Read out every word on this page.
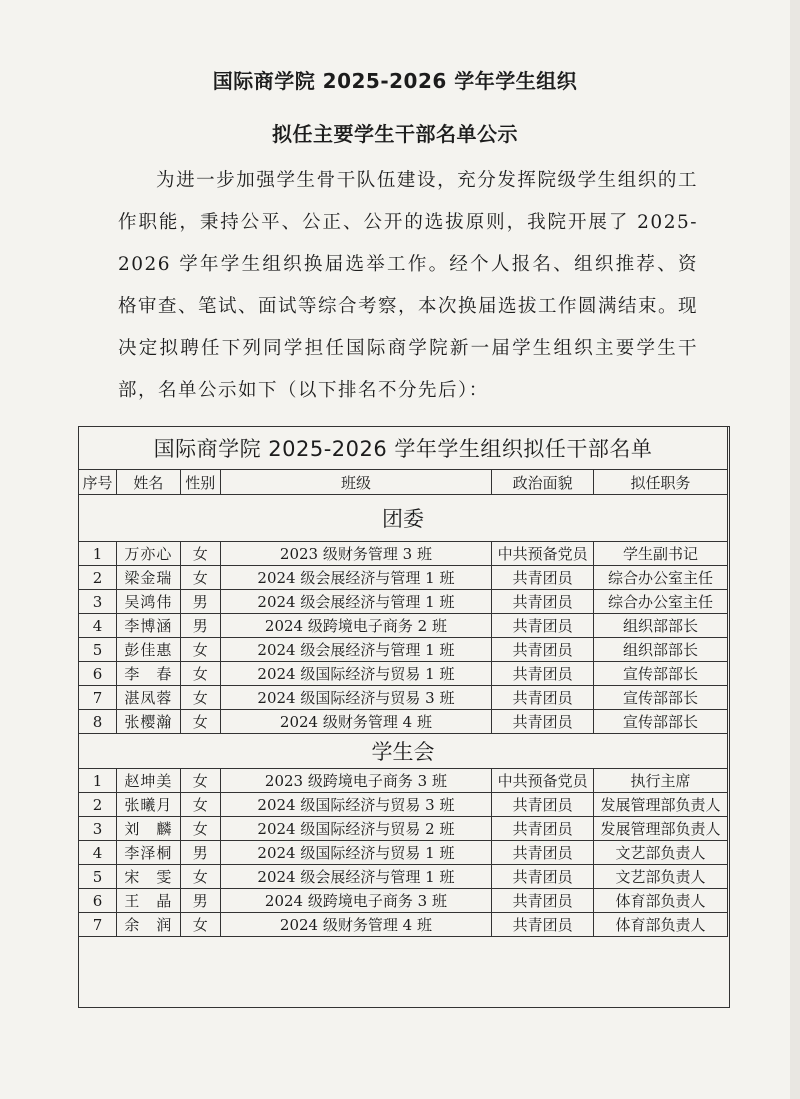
国际商学院 2025-2026 学年学生组织
拟任主要学生干部名单公示

为进一步加强学生骨干队伍建设，充分发挥院级学生组织的工作职能，秉持公平、公正、公开的选拔原则，我院开展了 2025-2026 学年学生组织换届选举工作。经个人报名、组织推荐、资格审查、笔试、面试等综合考察，本次换届选拔工作圆满结束。现决定拟聘任下列同学担任国际商学院新一届学生组织主要学生干部，名单公示如下（以下排名不分先后）：

国际商学院 2025-2026 学年学生组织拟任干部名单					
序号	姓名	性别	班级	政治面貌	拟任职务
团委					
1	万亦心	女	2023 级财务管理 3 班	中共预备党员	学生副书记
2	梁金瑞	女	2024 级会展经济与管理 1 班	共青团员	综合办公室主任
3	吴鸿伟	男	2024 级会展经济与管理 1 班	共青团员	综合办公室主任
4	李博涵	男	2024 级跨境电子商务 2 班	共青团员	组织部部长
5	彭佳惠	女	2024 级会展经济与管理 1 班	共青团员	组织部部长
6	李　春	女	2024 级国际经济与贸易 1 班	共青团员	宣传部部长
7	湛凤蓉	女	2024 级国际经济与贸易 3 班	共青团员	宣传部部长
8	张樱瀚	女	2024 级财务管理 4 班	共青团员	宣传部部长
学生会					
1	赵坤美	女	2023 级跨境电子商务 3 班	中共预备党员	执行主席
2	张曦月	女	2024 级国际经济与贸易 3 班	共青团员	发展管理部负责人
3	刘　麟	女	2024 级国际经济与贸易 2 班	共青团员	发展管理部负责人
4	李泽桐	男	2024 级国际经济与贸易 1 班	共青团员	文艺部负责人
5	宋　雯	女	2024 级会展经济与管理 1 班	共青团员	文艺部负责人
6	王　晶	男	2024 级跨境电子商务 3 班	共青团员	体育部负责人
7	余　润	女	2024 级财务管理 4 班	共青团员	体育部负责人
